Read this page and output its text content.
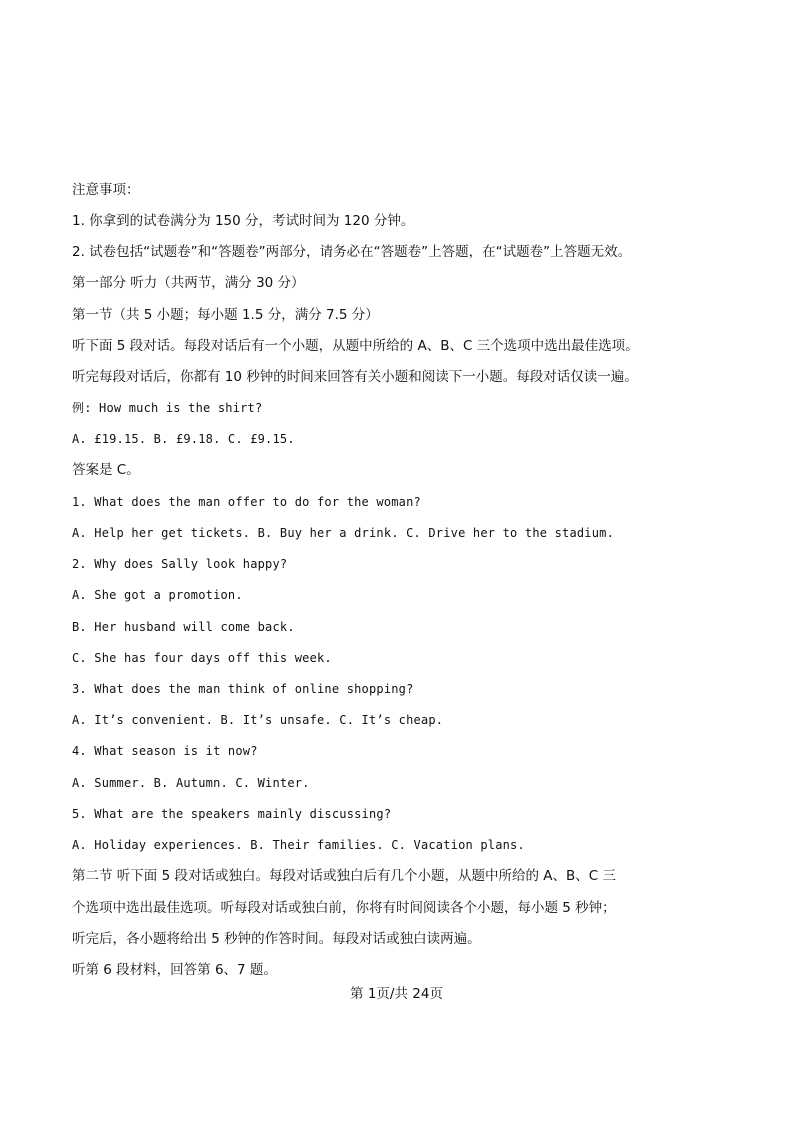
注意事项：
1. 你拿到的试卷满分为 150 分，考试时间为 120 分钟。
2. 试卷包括“试题卷”和“答题卷”两部分，请务必在“答题卷”上答题，在“试题卷”上答题无效。
第一部分 听力（共两节，满分 30 分）
第一节（共 5 小题；每小题 1.5 分，满分 7.5 分）
听下面 5 段对话。每段对话后有一个小题，从题中所给的 A、B、C 三个选项中选出最佳选项。
听完每段对话后，你都有 10 秒钟的时间来回答有关小题和阅读下一小题。每段对话仅读一遍。
例: How much is the shirt?
A. £19.15. B. £9.18. C. £9.15.
答案是 C。
1. What does the man offer to do for the woman?
A. Help her get tickets. B. Buy her a drink. C. Drive her to the stadium.
2. Why does Sally look happy?
A. She got a promotion.
B. Her husband will come back.
C. She has four days off this week.
3. What does the man think of online shopping?
A. It’s convenient. B. It’s unsafe. C. It’s cheap.
4. What season is it now?
A. Summer. B. Autumn. C. Winter.
5. What are the speakers mainly discussing?
A. Holiday experiences. B. Their families. C. Vacation plans.
第二节 听下面 5 段对话或独白。每段对话或独白后有几个小题，从题中所给的 A、B、C 三
个选项中选出最佳选项。听每段对话或独白前，你将有时间阅读各个小题，每小题 5 秒钟；
听完后，各小题将给出 5 秒钟的作答时间。每段对话或独白读两遍。
听第 6 段材料，回答第 6、7 题。
第 1页/共 24页
